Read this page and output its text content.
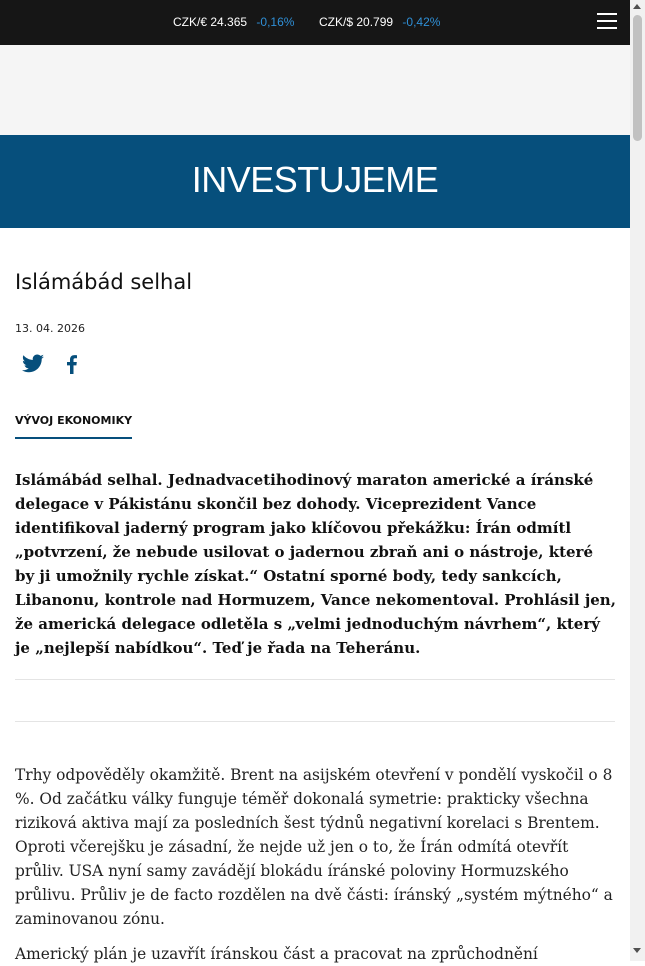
CZK/€ 24.365 -0,16% CZK/$ 20.799 -0,42%
INVESTUJEME
Islámábád selhal
13. 04. 2026
VÝVOJ EKONOMIKY

Islámábád selhal. Jednadvacetihodinový maraton americké a íránské delegace v Pákistánu skončil bez dohody. Viceprezident Vance identifikoval jaderný program jako klíčovou překážku: Írán odmítl „potvrzení, že nebude usilovat o jadernou zbraň ani o nástroje, které by ji umožnily rychle získat.“ Ostatní sporné body, tedy sankcích, Libanonu, kontrole nad Hormuzem, Vance nekomentoval. Prohlásil jen, že americká delegace odletěla s „velmi jednoduchým návrhem“, který je „nejlepší nabídkou“. Teď je řada na Teheránu.

Trhy odpověděly okamžitě. Brent na asijském otevření v pondělí vyskočil o 8 %. Od začátku války funguje téměř dokonalá symetrie: prakticky všechna riziková aktiva mají za posledních šest týdnů negativní korelaci s Brentem. Oproti včerejšku je zásadní, že nejde už jen o to, že Írán odmítá otevřít průliv. USA nyní samy zavádějí blokádu íránské poloviny Hormuzského průlivu. Průliv je de facto rozdělen na dvě části: íránský „systém mýtného“ a zaminovanou zónu.

Americký plán je uzavřít íránskou část a pracovat na zprůchodnění
